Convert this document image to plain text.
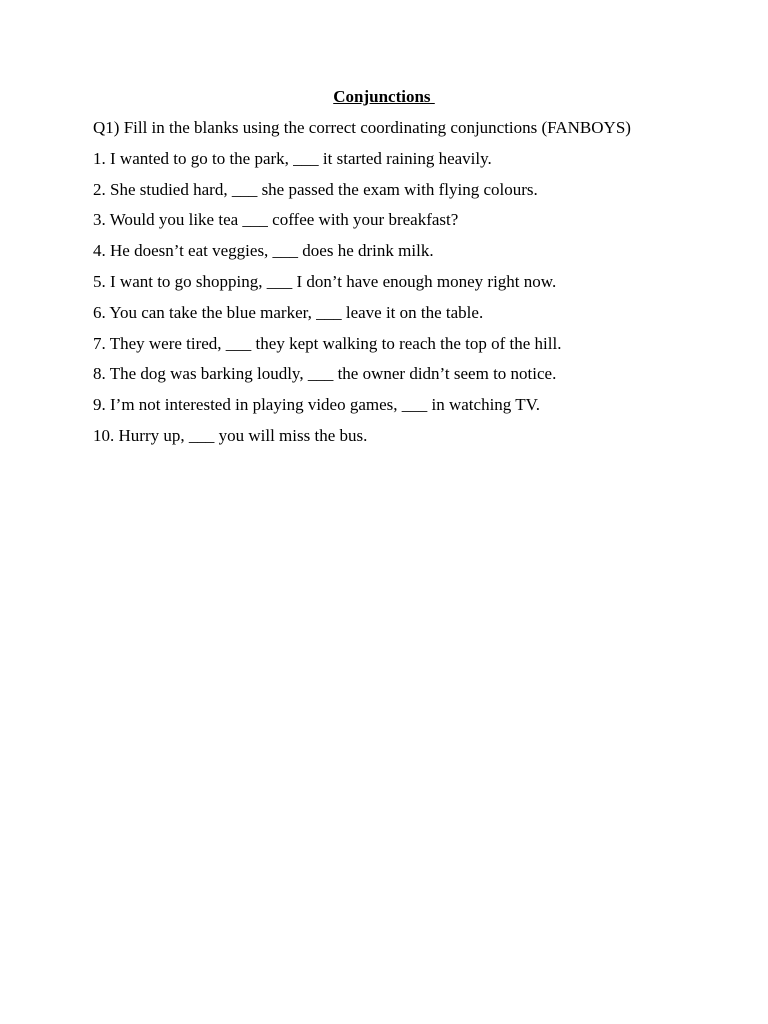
Conjunctions
Q1) Fill in the blanks using the correct coordinating conjunctions (FANBOYS)
1. I wanted to go to the park, ___ it started raining heavily.
2. She studied hard, ___ she passed the exam with flying colours.
3. Would you like tea ___ coffee with your breakfast?
4. He doesn’t eat veggies, ___ does he drink milk.
5. I want to go shopping, ___ I don’t have enough money right now.
6. You can take the blue marker, ___ leave it on the table.
7. They were tired, ___ they kept walking to reach the top of the hill.
8. The dog was barking loudly, ___ the owner didn’t seem to notice.
9. I’m not interested in playing video games, ___ in watching TV.
10. Hurry up, ___ you will miss the bus.
